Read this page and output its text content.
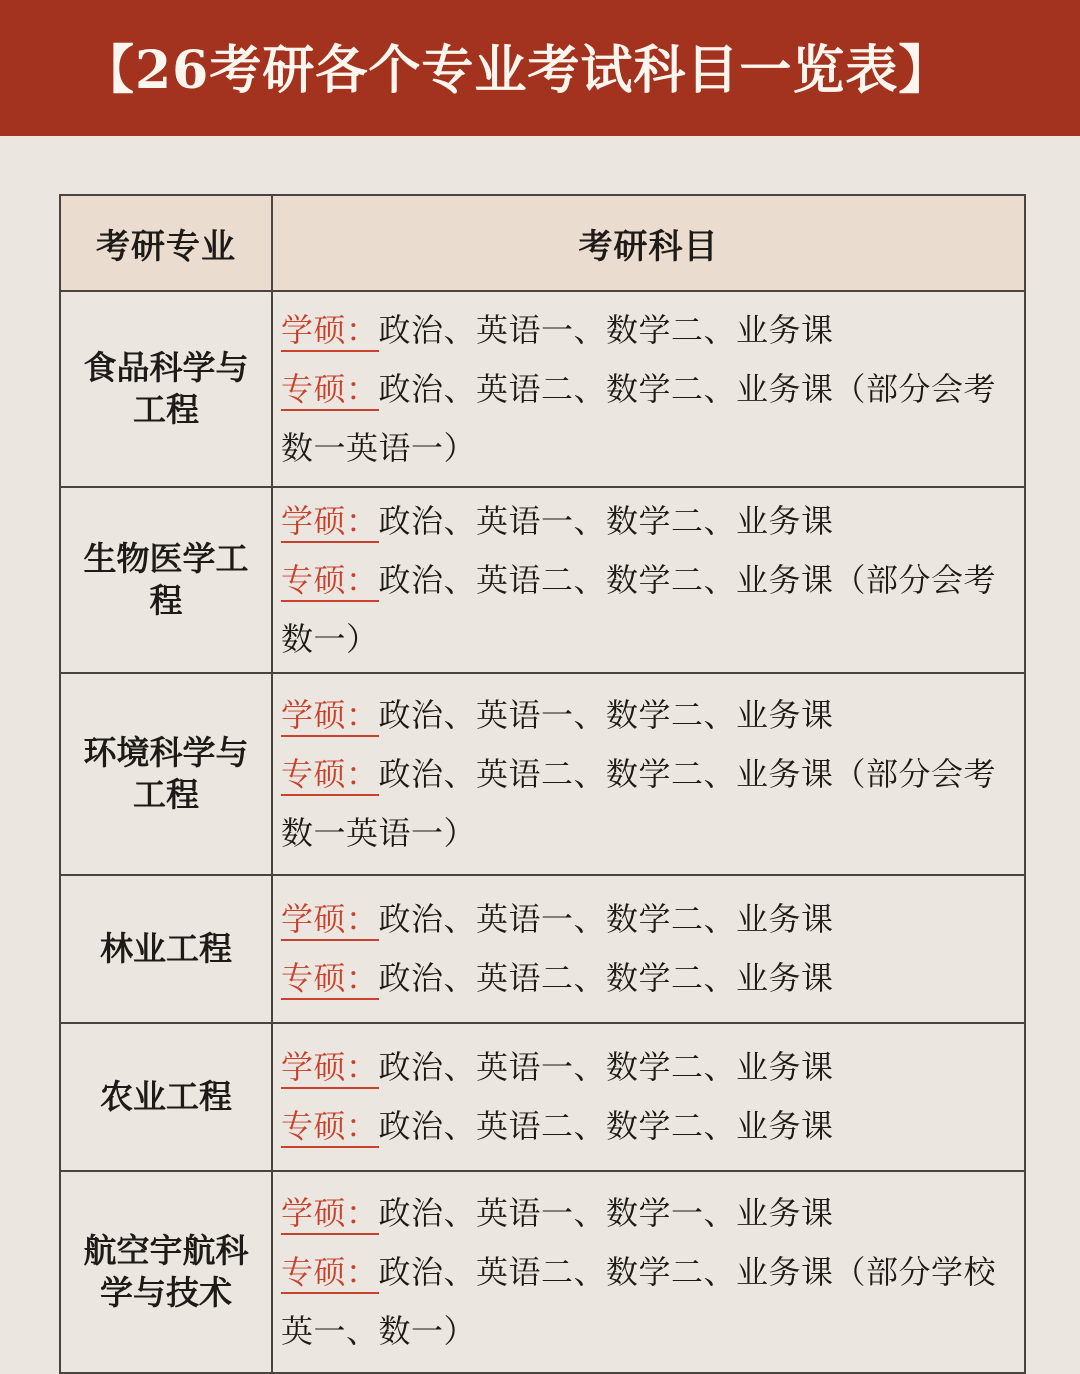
【26考研各个专业考试科目一览表】
考研专业	考研科目
食品科学与工程	学硕：政治、英语一、数学二、业务课
专硕：政治、英语二、数学二、业务课（部分会考数一英语一）

生物医学工程	学硕：政治、英语一、数学二、业务课
专硕：政治、英语二、数学二、业务课（部分会考数一）

环境科学与工程	学硕：政治、英语一、数学二、业务课
专硕：政治、英语二、数学二、业务课（部分会考数一英语一）

林业工程	学硕：政治、英语一、数学二、业务课
专硕：政治、英语二、数学二、业务课

农业工程	学硕：政治、英语一、数学二、业务课
专硕：政治、英语二、数学二、业务课

航空宇航科学与技术	学硕：政治、英语一、数学一、业务课
专硕：政治、英语二、数学二、业务课（部分学校英一、数一）
